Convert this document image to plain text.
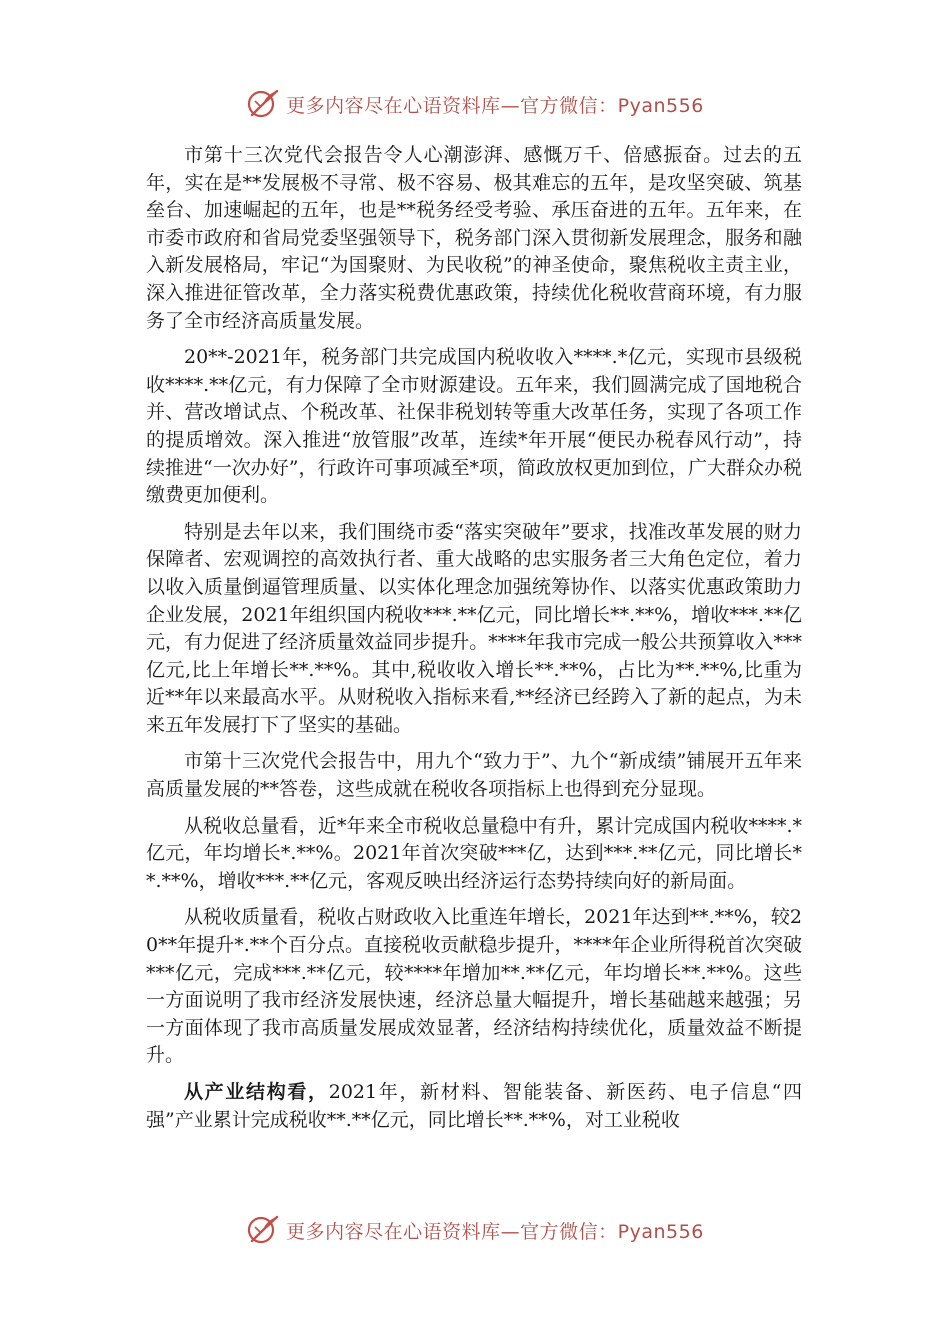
更多内容尽在心语资料库—官方微信：Pyan556

市第十三次党代会报告令人心潮澎湃、感慨万千、倍感振奋。过去的五年，实在是**发展极不寻常、极不容易、极其难忘的五年，是攻坚突破、筑基垒台、加速崛起的五年，也是**税务经受考验、承压奋进的五年。五年来，在市委市政府和省局党委坚强领导下，税务部门深入贯彻新发展理念，服务和融入新发展格局，牢记“为国聚财、为民收税”的神圣使命，聚焦税收主责主业，深入推进征管改革，全力落实税费优惠政策，持续优化税收营商环境，有力服务了全市经济高质量发展。

20**-2021年，税务部门共完成国内税收收入****.*亿元，实现市县级税收****.**亿元，有力保障了全市财源建设。五年来，我们圆满完成了国地税合并、营改增试点、个税改革、社保非税划转等重大改革任务，实现了各项工作的提质增效。深入推进“放管服”改革，连续*年开展“便民办税春风行动”，持续推进“一次办好”，行政许可事项减至*项，简政放权更加到位，广大群众办税缴费更加便利。

特别是去年以来，我们围绕市委“落实突破年”要求，找准改革发展的财力保障者、宏观调控的高效执行者、重大战略的忠实服务者三大角色定位，着力以收入质量倒逼管理质量、以实体化理念加强统筹协作、以落实优惠政策助力企业发展，2021年组织国内税收***.**亿元，同比增长**.**%，增收***.**亿元，有力促进了经济质量效益同步提升。****年我市完成一般公共预算收入***亿元,比上年增长**.**%。其中,税收收入增长**.**%，占比为**.**%,比重为近**年以来最高水平。从财税收入指标来看,**经济已经跨入了新的起点，为未来五年发展打下了坚实的基础。

市第十三次党代会报告中，用九个“致力于”、九个“新成绩”铺展开五年来高质量发展的**答卷，这些成就在税收各项指标上也得到充分显现。

从税收总量看，近*年来全市税收总量稳中有升，累计完成国内税收****.*亿元，年均增长*.**%。2021年首次突破***亿，达到***.**亿元，同比增长**.**%，增收***.**亿元，客观反映出经济运行态势持续向好的新局面。

从税收质量看，税收占财政收入比重连年增长，2021年达到**.**%，较20**年提升*.**个百分点。直接税收贡献稳步提升，****年企业所得税首次突破***亿元，完成***.**亿元，较****年增加**.**亿元，年均增长**.**%。这些一方面说明了我市经济发展快速，经济总量大幅提升，增长基础越来越强；另一方面体现了我市高质量发展成效显著，经济结构持续优化，质量效益不断提升。

从产业结构看，2021年，新材料、智能装备、新医药、电子信息“四强”产业累计完成税收**.**亿元，同比增长**.**%，对工业税收

更多内容尽在心语资料库—官方微信：Pyan556
